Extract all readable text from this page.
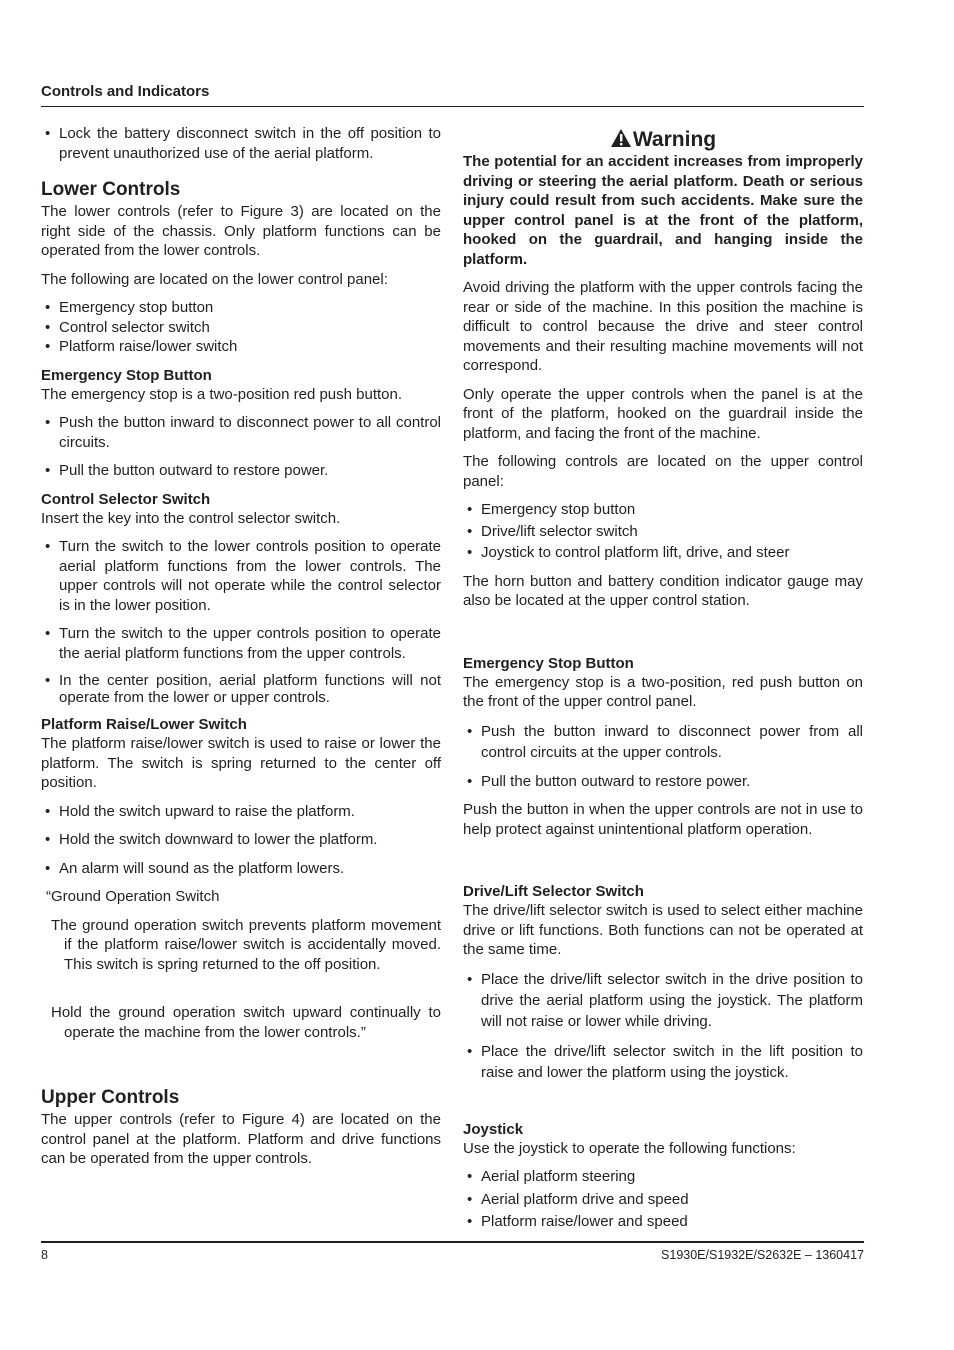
Controls and Indicators
• Lock the battery disconnect switch in the off position to prevent unauthorized use of the aerial platform.
Lower Controls

The lower controls (refer to Figure 3) are located on the right side of the chassis. Only platform functions can be operated from the lower controls.

The following are located on the lower control panel:

• Emergency stop button
• Control selector switch
• Platform raise/lower switch
Emergency Stop Button

The emergency stop is a two-position red push button.

• Push the button inward to disconnect power to all control circuits.
• Pull the button outward to restore power.
Control Selector Switch

Insert the key into the control selector switch.

• Turn the switch to the lower controls position to operate aerial platform functions from the lower controls. The upper controls will not operate while the control selector is in the lower position.
• Turn the switch to the upper controls position to operate the aerial platform functions from the upper controls.
• In the center position, aerial platform functions will not operate from the lower or upper controls.
Platform Raise/Lower Switch

The platform raise/lower switch is used to raise or lower the platform. The switch is spring returned to the center off position.

• Hold the switch upward to raise the platform.
• Hold the switch downward to lower the platform.
• An alarm will sound as the platform lowers.

“Ground Operation Switch

The ground operation switch prevents platform movement if the platform raise/lower switch is accidentally moved. This switch is spring returned to the off position.

Hold the ground operation switch upward continually to operate the machine from the lower controls.”

Upper Controls

The upper controls (refer to Figure 4) are located on the control panel at the platform. Platform and drive functions can be operated from the upper controls.

Warning

The potential for an accident increases from improperly driving or steering the aerial platform. Death or serious injury could result from such accidents. Make sure the upper control panel is at the front of the platform, hooked on the guardrail, and hanging inside the platform.

Avoid driving the platform with the upper controls facing the rear or side of the machine. In this position the machine is difficult to control because the drive and steer control movements and their resulting machine movements will not correspond.

Only operate the upper controls when the panel is at the front of the platform, hooked on the guardrail inside the platform, and facing the front of the machine.

The following controls are located on the upper control panel:

• Emergency stop button
• Drive/lift selector switch
• Joystick to control platform lift, drive, and steer

The horn button and battery condition indicator gauge may also be located at the upper control station.

Emergency Stop Button

The emergency stop is a two-position, red push button on the front of the upper control panel.

• Push the button inward to disconnect power from all control circuits at the upper controls.
• Pull the button outward to restore power.

Push the button in when the upper controls are not in use to help protect against unintentional platform operation.

Drive/Lift Selector Switch

The drive/lift selector switch is used to select either machine drive or lift functions. Both functions can not be operated at the same time.

• Place the drive/lift selector switch in the drive position to drive the aerial platform using the joystick. The platform will not raise or lower while driving.
• Place the drive/lift selector switch in the lift position to raise and lower the platform using the joystick.
Joystick

Use the joystick to operate the following functions:

• Aerial platform steering
• Aerial platform drive and speed
• Platform raise/lower and speed
8	S1930E/S1932E/S2632E – 1360417
